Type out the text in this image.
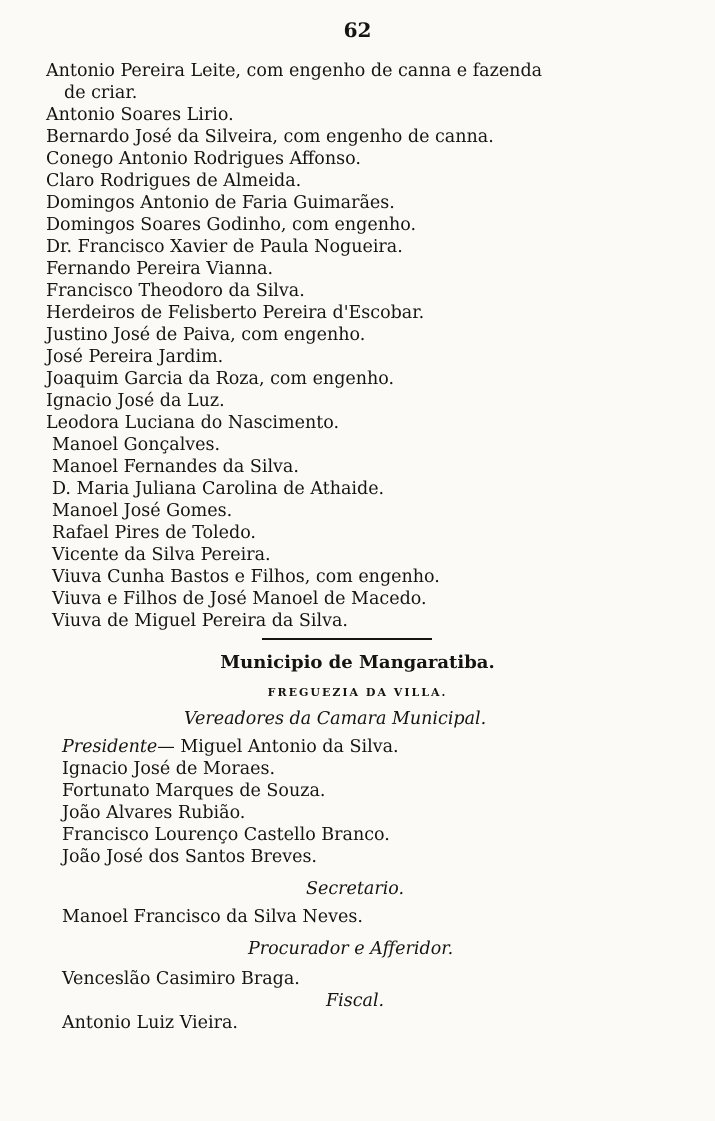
62
Antonio Pereira Leite, com engenho de canna e fazenda
de criar.
Antonio Soares Lirio.
Bernardo José da Silveira, com engenho de canna.
Conego Antonio Rodrigues Affonso.
Claro Rodrigues de Almeida.
Domingos Antonio de Faria Guimarães.
Domingos Soares Godinho, com engenho.
Dr. Francisco Xavier de Paula Nogueira.
Fernando Pereira Vianna.
Francisco Theodoro da Silva.
Herdeiros de Felisberto Pereira d'Escobar.
Justino José de Paiva, com engenho.
José Pereira Jardim.
Joaquim Garcia da Roza, com engenho.
Ignacio José da Luz.
Leodora Luciana do Nascimento.
Manoel Gonçalves.
Manoel Fernandes da Silva.
D. Maria Juliana Carolina de Athaide.
Manoel José Gomes.
Rafael Pires de Toledo.
Vicente da Silva Pereira.
Viuva Cunha Bastos e Filhos, com engenho.
Viuva e Filhos de José Manoel de Macedo.
Viuva de Miguel Pereira da Silva.
Municipio de Mangaratiba.
FREGUEZIA DA VILLA.
Vereadores da Camara Municipal.
Presidente— Miguel Antonio da Silva.
Ignacio José de Moraes.
Fortunato Marques de Souza.
João Alvares Rubião.
Francisco Lourenço Castello Branco.
João José dos Santos Breves.
Secretario.
Manoel Francisco da Silva Neves.
Procurador e Afferidor.
Venceslão Casimiro Braga.
Fiscal.
Antonio Luiz Vieira.
